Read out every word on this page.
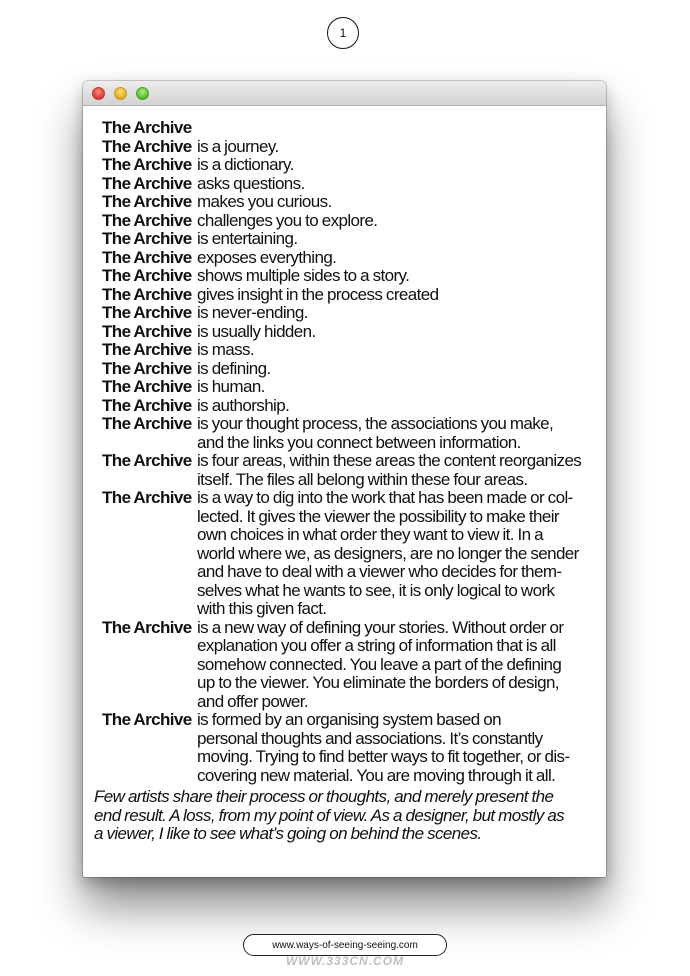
1
The Archive
The Archive is a journey.
The Archive is a dictionary.
The Archive asks questions.
The Archive makes you curious.
The Archive challenges you to explore.
The Archive is entertaining.
The Archive exposes everything.
The Archive shows multiple sides to a story.
The Archive gives insight in the process created
The Archive is never-ending.
The Archive is usually hidden.
The Archive is mass.
The Archive is defining.
The Archive is human.
The Archive is authorship.
The Archive is your thought process, the associations you make,
and the links you connect between information.
The Archive is four areas, within these areas the content reorganizes
itself. The files all belong within these four areas.
The Archive is a way to dig into the work that has been made or col-
lected. It gives the viewer the possibility to make their
own choices in what order they want to view it. In a
world where we, as designers, are no longer the sender
and have to deal with a viewer who decides for them-
selves what he wants to see, it is only logical to work
with this given fact.
The Archive is a new way of defining your stories. Without order or
explanation you offer a string of information that is all
somehow connected. You leave a part of the defining
up to the viewer. You eliminate the borders of design,
and offer power.
The Archive is formed by an organising system based on
personal thoughts and associations. It’s constantly
moving. Trying to find better ways to fit together, or dis-
covering new material. You are moving through it all.
Few artists share their process or thoughts, and merely present the
end result. A loss, from my point of view. As a designer, but mostly as
a viewer, I like to see what’s going on behind the scenes.
www.ways-of-seeing-seeing.com
WWW.333CN.COM
